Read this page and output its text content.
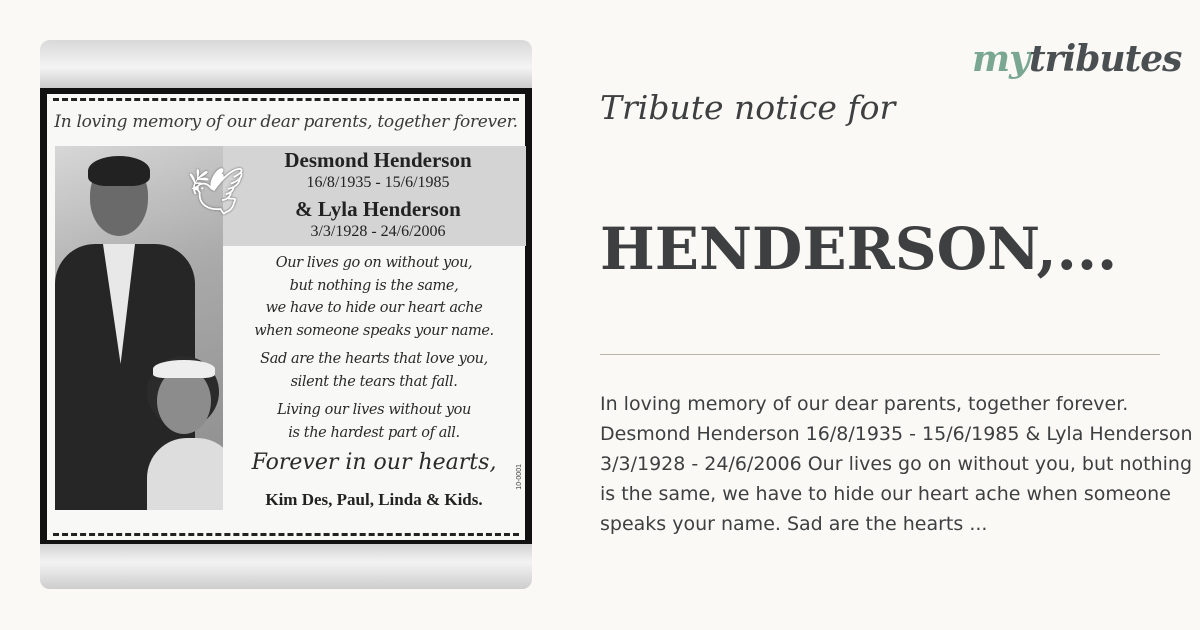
In loving memory of our dear parents, together forever.
🕊
Desmond Henderson
16/8/1935 - 15/6/1985
& Lyla Henderson
3/3/1928 - 24/6/2006
Our lives go on without you,
but nothing is the same,
we have to hide our heart ache
when someone speaks your name.
Sad are the hearts that love you,
silent the tears that fall.
Living our lives without you
is the hardest part of all.
Forever in our hearts,
Kim Des, Paul, Linda & Kids.
10-0001
mytributes
Tribute notice for
HENDERSON,...
In loving memory of our dear parents, together forever. Desmond Henderson 16/8/1935 - 15/6/1985 & Lyla Henderson 3/3/1928 - 24/6/2006 Our lives go on without you, but nothing is the same, we have to hide our heart ache when someone speaks your name. Sad are the hearts ...
